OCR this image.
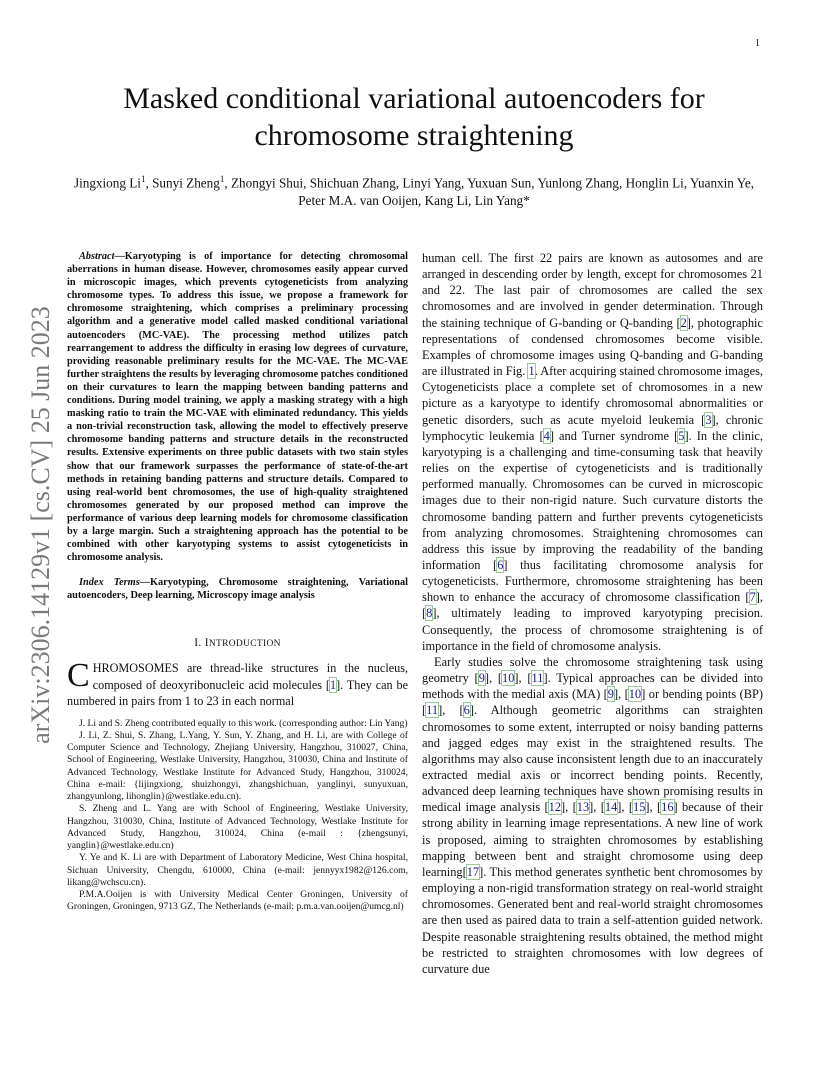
1
arXiv:2306.14129v1 [cs.CV] 25 Jun 2023
Masked conditional variational autoencoders for chromosome straightening
Jingxiong Li$^1$, Sunyi Zheng$^1$, Zhongyi Shui, Shichuan Zhang, Linyi Yang, Yuxuan Sun, Yunlong Zhang, Honglin Li, Yuanxin Ye, Peter M.A. van Ooijen, Kang Li, Lin Yang*

Abstract—Karyotyping is of importance for detecting chromosomal aberrations in human disease. However, chromosomes easily appear curved in microscopic images, which prevents cytogeneticists from analyzing chromosome types. To address this issue, we propose a framework for chromosome straightening, which comprises a preliminary processing algorithm and a generative model called masked conditional variational autoencoders (MC-VAE). The processing method utilizes patch rearrangement to address the difficulty in erasing low degrees of curvature, providing reasonable preliminary results for the MC-VAE. The MC-VAE further straightens the results by leveraging chromosome patches conditioned on their curvatures to learn the mapping between banding patterns and conditions. During model training, we apply a masking strategy with a high masking ratio to train the MC-VAE with eliminated redundancy. This yields a non-trivial reconstruction task, allowing the model to effectively preserve chromosome banding patterns and structure details in the reconstructed results. Extensive experiments on three public datasets with two stain styles show that our framework surpasses the performance of state-of-the-art methods in retaining banding patterns and structure details. Compared to using real-world bent chromosomes, the use of high-quality straightened chromosomes generated by our proposed method can improve the performance of various deep learning models for chromosome classification by a large margin. Such a straightening approach has the potential to be combined with other karyotyping systems to assist cytogeneticists in chromosome analysis.

Index Terms—Karyotyping, Chromosome straightening, Variational autoencoders, Deep learning, Microscopy image analysis

I. INTRODUCTION
CHROMOSOMES are thread-like structures in the nucleus, composed of deoxyribonucleic acid molecules [1]. They can be numbered in pairs from 1 to 23 in each normal

J. Li and S. Zheng contributed equally to this work. (corresponding author: Lin Yang)

J. Li, Z. Shui, S. Zhang, L.Yang, Y. Sun, Y. Zhang, and H. Li, are with College of Computer Science and Technology, Zhejiang University, Hangzhou, 310027, China, School of Engineering, Westlake University, Hangzhou, 310030, China and Institute of Advanced Technology, Westlake Institute for Advanced Study, Hangzhou, 310024, China e-mail: {lijingxiong, shuizhongyi, zhangshichuan, yanglinyi, sunyuxuan, zhangyunlong, lihonglin}@westlake.edu.cn).

S. Zheng and L. Yang are with School of Engineering, Westlake University, Hangzhou, 310030, China, Institute of Advanced Technology, Westlake Institute for Advanced Study, Hangzhou, 310024, China (e-mail : {zhengsunyi, yanglin}@westlake.edu.cn)

Y. Ye and K. Li are with Department of Laboratory Medicine, West China hospital, Sichuan University, Chengdu, 610000, China (e-mail: jennyyx1982@126.com, likang@wchscu.cn).

P.M.A.Ooijen is with University Medical Center Groningen, University of Groningen, Groningen, 9713 GZ, The Netherlands (e-mail: p.m.a.van.ooijen@umcg.nl)

human cell. The first 22 pairs are known as autosomes and are arranged in descending order by length, except for chromosomes 21 and 22. The last pair of chromosomes are called the sex chromosomes and are involved in gender determination. Through the staining technique of G-banding or Q-banding [2], photographic representations of condensed chromosomes become visible. Examples of chromosome images using Q-banding and G-banding are illustrated in Fig. 1. After acquiring stained chromosome images, Cytogeneticists place a complete set of chromosomes in a new picture as a karyotype to identify chromosomal abnormalities or genetic disorders, such as acute myeloid leukemia [3], chronic lymphocytic leukemia [4] and Turner syndrome [5]. In the clinic, karyotyping is a challenging and time-consuming task that heavily relies on the expertise of cytogeneticists and is traditionally performed manually. Chromosomes can be curved in microscopic images due to their non-rigid nature. Such curvature distorts the chromosome banding pattern and further prevents cytogeneticists from analyzing chromosomes. Straightening chromosomes can address this issue by improving the readability of the banding information [6] thus facilitating chromosome analysis for cytogeneticists. Furthermore, chromosome straightening has been shown to enhance the accuracy of chromosome classification [7], [8], ultimately leading to improved karyotyping precision. Consequently, the process of chromosome straightening is of importance in the field of chromosome analysis.

Early studies solve the chromosome straightening task using geometry [9], [10], [11]. Typical approaches can be divided into methods with the medial axis (MA) [9], [10] or bending points (BP) [11], [6]. Although geometric algorithms can straighten chromosomes to some extent, interrupted or noisy banding patterns and jagged edges may exist in the straightened results. The algorithms may also cause inconsistent length due to an inaccurately extracted medial axis or incorrect bending points. Recently, advanced deep learning techniques have shown promising results in medical image analysis [12], [13], [14], [15], [16] because of their strong ability in learning image representations. A new line of work is proposed, aiming to straighten chromosomes by establishing mapping between bent and straight chromosome using deep learning[17]. This method generates synthetic bent chromosomes by employing a non-rigid transformation strategy on real-world straight chromosomes. Generated bent and real-world straight chromosomes are then used as paired data to train a self-attention guided network. Despite reasonable straightening results obtained, the method might be restricted to straighten chromosomes with low degrees of curvature due
